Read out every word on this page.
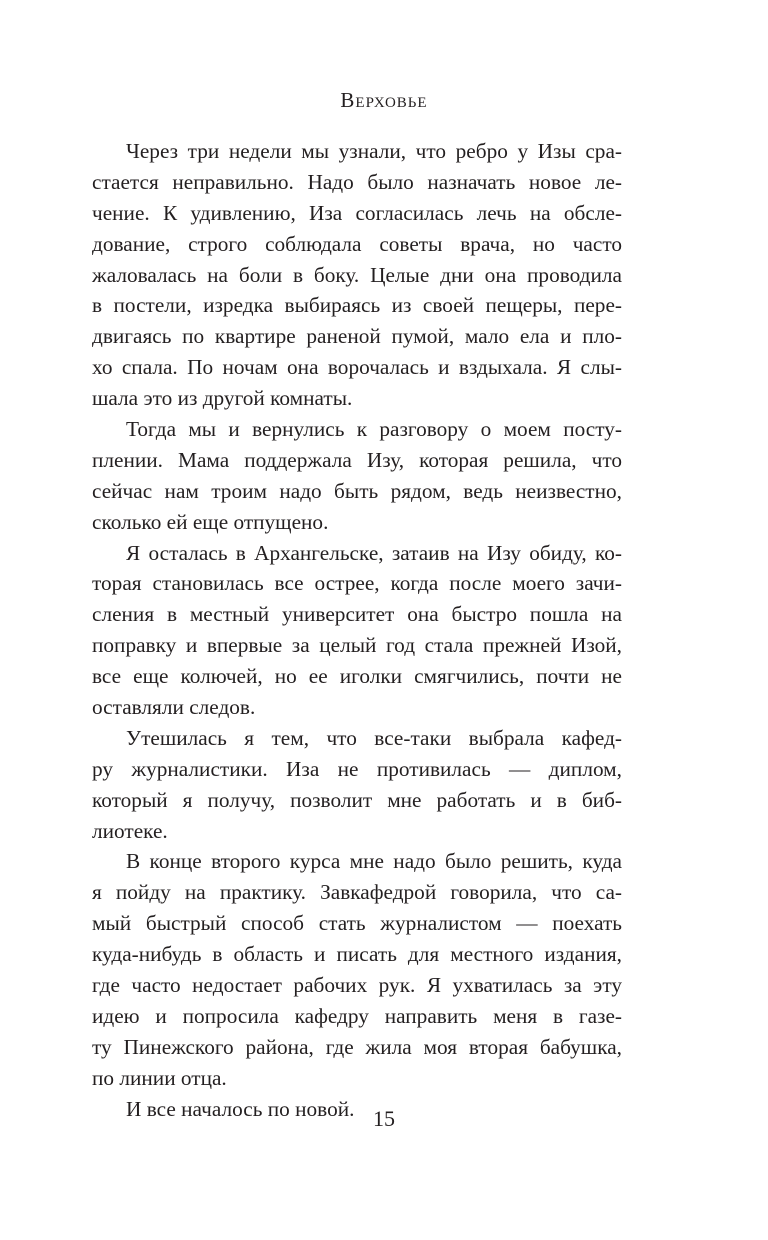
Верховье
Через три недели мы узнали, что ребро у Изы сра-
стается неправильно. Надо было назначать новое ле-
чение. К удивлению, Иза согласилась лечь на обсле-
дование, строго соблюдала советы врача, но часто
жаловалась на боли в боку. Целые дни она проводила
в постели, изредка выбираясь из своей пещеры, пере-
двигаясь по квартире раненой пумой, мало ела и пло-
хо спала. По ночам она ворочалась и вздыхала. Я слы-
шала это из другой комнаты.
Тогда мы и вернулись к разговору о моем посту-
плении. Мама поддержала Изу, которая решила, что
сейчас нам троим надо быть рядом, ведь неизвестно,
сколько ей еще отпущено.
Я осталась в Архангельске, затаив на Изу обиду, ко-
торая становилась все острее, когда после моего зачи-
сления в местный университет она быстро пошла на
поправку и впервые за целый год стала прежней Изой,
все еще колючей, но ее иголки смягчились, почти не
оставляли следов.
Утешилась я тем, что все-таки выбрала кафед-
ру журналистики. Иза не противилась — диплом,
который я получу, позволит мне работать и в биб-
лиотеке.
В конце второго курса мне надо было решить, куда
я пойду на практику. Завкафедрой говорила, что са-
мый быстрый способ стать журналистом — поехать
куда-нибудь в область и писать для местного издания,
где часто недостает рабочих рук. Я ухватилась за эту
идею и попросила кафедру направить меня в газе-
ту Пинежского района, где жила моя вторая бабушка,
по линии отца.
И все началось по новой. 15
